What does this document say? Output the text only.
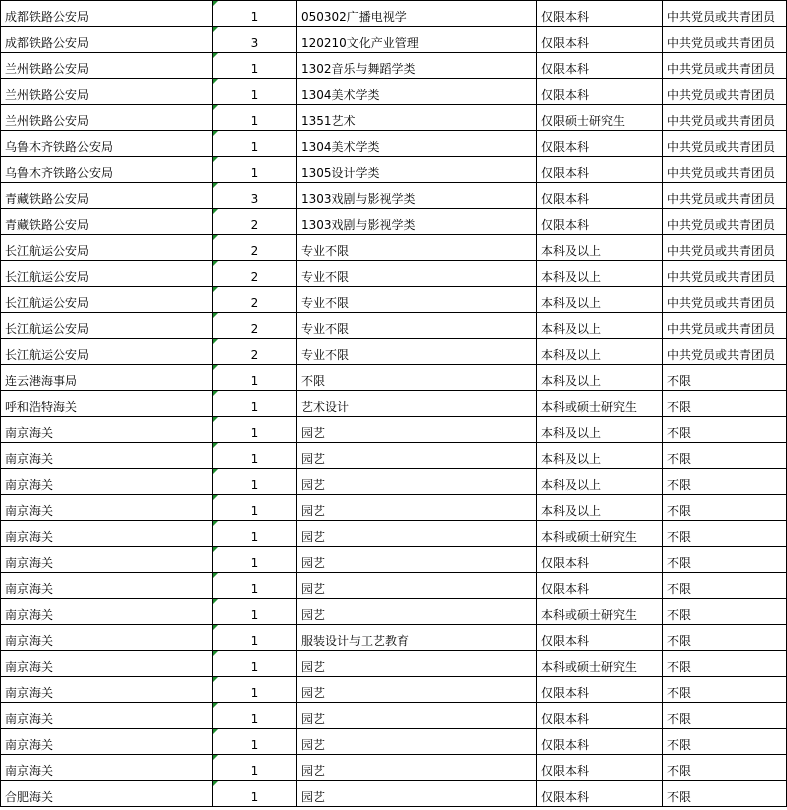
成都铁路公安局	1	050302广播电视学	仅限本科	中共党员或共青团员
成都铁路公安局	3	120210文化产业管理	仅限本科	中共党员或共青团员
兰州铁路公安局	1	1302音乐与舞蹈学类	仅限本科	中共党员或共青团员
兰州铁路公安局	1	1304美术学类	仅限本科	中共党员或共青团员
兰州铁路公安局	1	1351艺术	仅限硕士研究生	中共党员或共青团员
乌鲁木齐铁路公安局	1	1304美术学类	仅限本科	中共党员或共青团员
乌鲁木齐铁路公安局	1	1305设计学类	仅限本科	中共党员或共青团员
青藏铁路公安局	3	1303戏剧与影视学类	仅限本科	中共党员或共青团员
青藏铁路公安局	2	1303戏剧与影视学类	仅限本科	中共党员或共青团员
长江航运公安局	2	专业不限	本科及以上	中共党员或共青团员
长江航运公安局	2	专业不限	本科及以上	中共党员或共青团员
长江航运公安局	2	专业不限	本科及以上	中共党员或共青团员
长江航运公安局	2	专业不限	本科及以上	中共党员或共青团员
长江航运公安局	2	专业不限	本科及以上	中共党员或共青团员
连云港海事局	1	不限	本科及以上	不限
呼和浩特海关	1	艺术设计	本科或硕士研究生	不限
南京海关	1	园艺	本科及以上	不限
南京海关	1	园艺	本科及以上	不限
南京海关	1	园艺	本科及以上	不限
南京海关	1	园艺	本科及以上	不限
南京海关	1	园艺	本科或硕士研究生	不限
南京海关	1	园艺	仅限本科	不限
南京海关	1	园艺	仅限本科	不限
南京海关	1	园艺	本科或硕士研究生	不限
南京海关	1	服装设计与工艺教育	仅限本科	不限
南京海关	1	园艺	本科或硕士研究生	不限
南京海关	1	园艺	仅限本科	不限
南京海关	1	园艺	仅限本科	不限
南京海关	1	园艺	仅限本科	不限
南京海关	1	园艺	仅限本科	不限
合肥海关	1	园艺	仅限本科	不限
